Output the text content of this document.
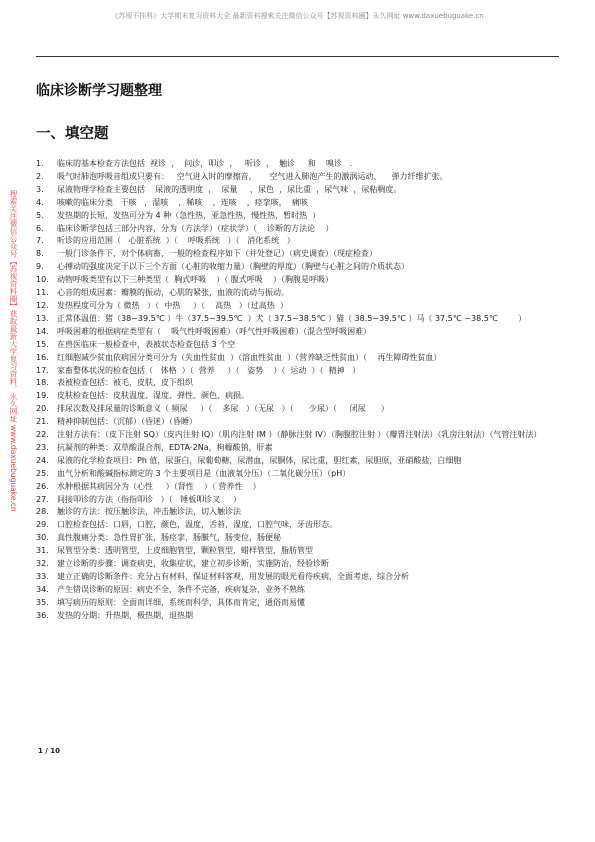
《苏视不挂科》大学期末复习资料大全 最新资料搜索关注微信公众号【苏视资料圈】永久网址 www.daxuebuguake.cn
搜索关注微信公众号【苏视资料圈】获取最新大学复习资料，永久网址 www.daxuebuguake.cn
临床诊断学习题整理
一、填空题
1.	临床的基本检查方法包括  视诊  ，  问诊，叩诊  ，   听诊  ，  触诊     和    嗅诊   .
2.	吸气时肺泡呼吸音组成只要有：   空气进入时的摩擦音，     空气进入肺泡产生的激涡运动、    弹力纤维扩张。
3.	尿液物理学检查主要包括    尿液的透明度  ，  尿量     ，尿色  ，尿比重  ，尿气味  ，尿粘稠度。
4.	咳嗽的临床分类   干咳   ，湿咳    ，稀咳    ，连咳    ，痉挛咳，  痛咳
5.	发热期的长短，发热可分为 4 种（急性热，亚急性热，慢性热，暂时热  ）
6.	临床诊断学包括三部分内容，分为（方法学）（症状学）（    诊断的方法论    ）
7.	听诊的应用范围（   心脏系统  ）（    呼吸系统   ）（   消化系统   ）
8.	一般门诊条件下，对个体病畜，一般的检查程序如下（并处登记）（病史调查）（现症检查）
9.	心搏动的强度决定于以下三个方面（心脏的收缩力量）（胸壁的厚度）（胸壁与心脏之间的介质状态）
10.	动物呼吸类型有以下三种类型（  胸式呼吸    ）（ 腹式呼吸    ）（胸腹是呼吸）
11.	心音的组成因素：瓣膜的振动，心肌的紧张，血液的流动与振动。
12.	发热程度可分为（ 微热   ）（  中热     ）（    高热   ）（过高热  ）
13.	正常体温值：猪（38~39.5℃ ）牛（37.5~39.5℃  ）犬（ 37.5~38.5℃ ）猫（ 38.5~39.5℃ ）马（ 37.5℃ ~38.5℃        ）
14.	呼吸困难的根据病症类型有（    吸气性呼吸困难）（呼气性呼吸困难）（混合型呼吸困难）
15.	在兽医临床一般检查中，表被状态检查包括 3 个空
16.	红细胞减少贫血依病因分类可分为（失血性贫血  ）（溶血性贫血  ）（营养缺乏性贫血）（    再生障碍性贫血）
17.	家畜整体状况的检查包括（   体格  ）（  营养     ）（   姿势    ）（  运动  ）（  精神   ）
18.	表被检查包括：被毛，皮肤，皮下组织
19.	皮肤检查包括：皮肤温度、湿度、弹性、颜色、病损。
20.	排尿次数及排尿量的诊断意义（ 频尿     ）（    多尿   ）（无尿   ）（      少尿）（     闭尿      ）
21.	精神抑制包括：（沉郁）（昏迷）（昏睡）
22.	注射方法有：（皮下注射 SQ）（皮内注射 IQ）（肌内注射 IM ）（静脉注射 IV）（胸腹腔注射 ）（瓣胃注射法）（乳房注射法）（气管注射法）
23.	抗凝剂的种类：双草酸混合剂，EDTA-2Na，枸橼酸钠，肝素
24.	尿液的化学检查项目：Ph 值，尿蛋白，尿葡萄糖，尿潜血，尿胴体，尿比重，胆红素，尿胆原，亚硝酸盐，白细胞
25.	血气分析和酸碱指标测定的 3 个主要项目是（血液氧分压）（二氧化碳分压）（pH）
26.	水肿根据其病因分为（心性     ）（肾性    ）（ 营养性    ）
27.	间接叩诊的方法（指指叩诊   ）（   锤板叩诊叉     ）
28.	触诊的方法：按压触诊法，冲击触诊法，切入触诊法
29.	口腔检查包括：口唇，口腔，颜色，温度，舌苔，湿度，口腔气味，牙齿形态。
30.	真性腹痛分类：急性胃扩张，肠痉挛，肠臌气，肠变位，肠便秘
31.	尿管型分类：透明管型，上皮细胞管型，颗粒管型，蜡样管型，脂肪管型
32.	建立诊断的步骤：调查病史，收集症状，建立初步诊断，实施防治，经验诊断
33.	建立正确的诊断条件：充分占有材料，保证材料客观，用发展的眼光看待疾病，全面考虑，综合分析
34.	产生错误诊断的原因：病史不全，条件不完备，疾病复杂，业务不熟练
35.	填写病历的原则：全面而详细，系统而科学，具体而肯定，通俗而易懂
36.	发热的分期：升热期，极热期，退热期
1 / 10
